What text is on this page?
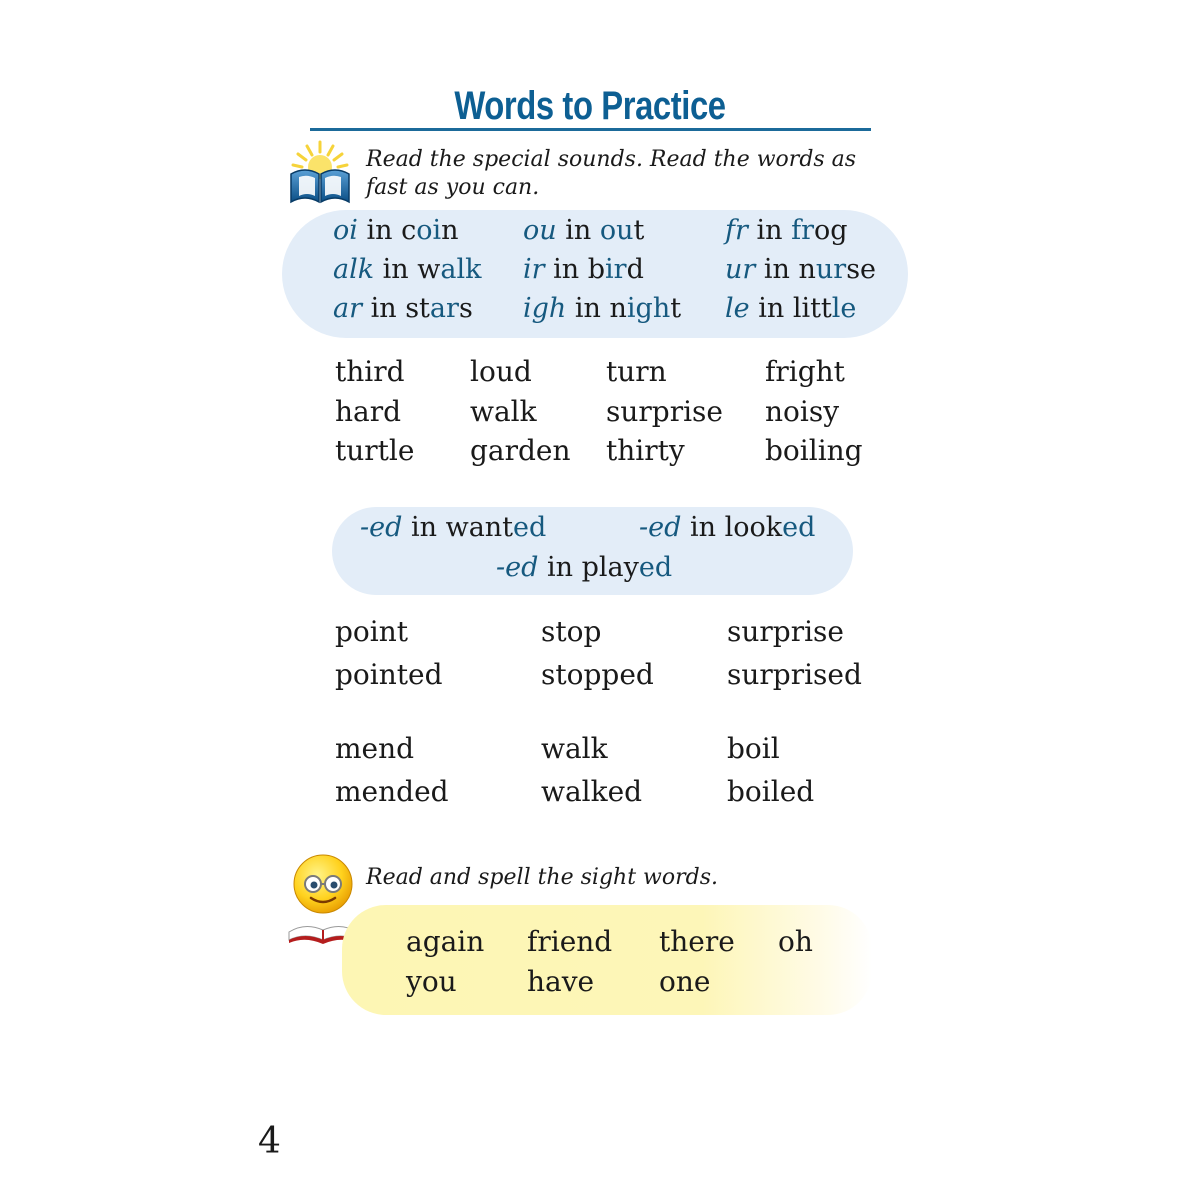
Words to Practice
Read the special sounds. Read the words as fast as you can.
oi in coin ou in out	fr in frog
alk in walk ir in bird	ur in nurse
ar in stars igh in night le in little
third loud	turn	fright
hard walk surprise noisy
turtle garden thirty	boiling
-ed in wanted	-ed in looked
-ed in played
point	stop	surprise
pointed	stopped	surprised
mend	walk	boil
mended	walked	boiled
Read and spell the sight words.
again friend there oh
you	have one
4
